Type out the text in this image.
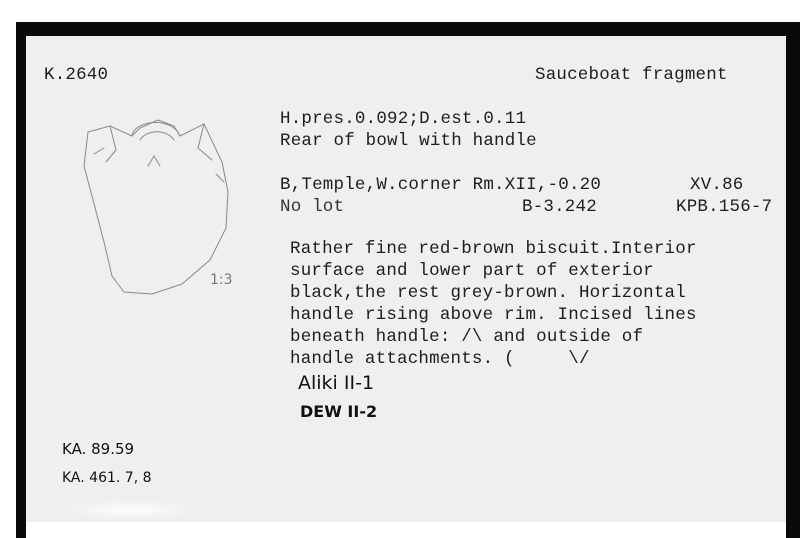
K.2640	Sauceboat fragment
H.pres.0.092;D.est.0.11
Rear of bowl with handle
B,Temple,W.corner Rm.XII,-0.20	XV.86
No lot	B-3.242	KPB.156-7
Rather fine red-brown biscuit.Interior
surface and lower part of exterior
black,the rest grey-brown. Horizontal
handle rising above rim. Incised lines
beneath handle: /\ and outside of
handle attachments. (     \/
Aliki II-1
DEW II-2
KA. 89.59
KA. 461. 7, 8
1:3
